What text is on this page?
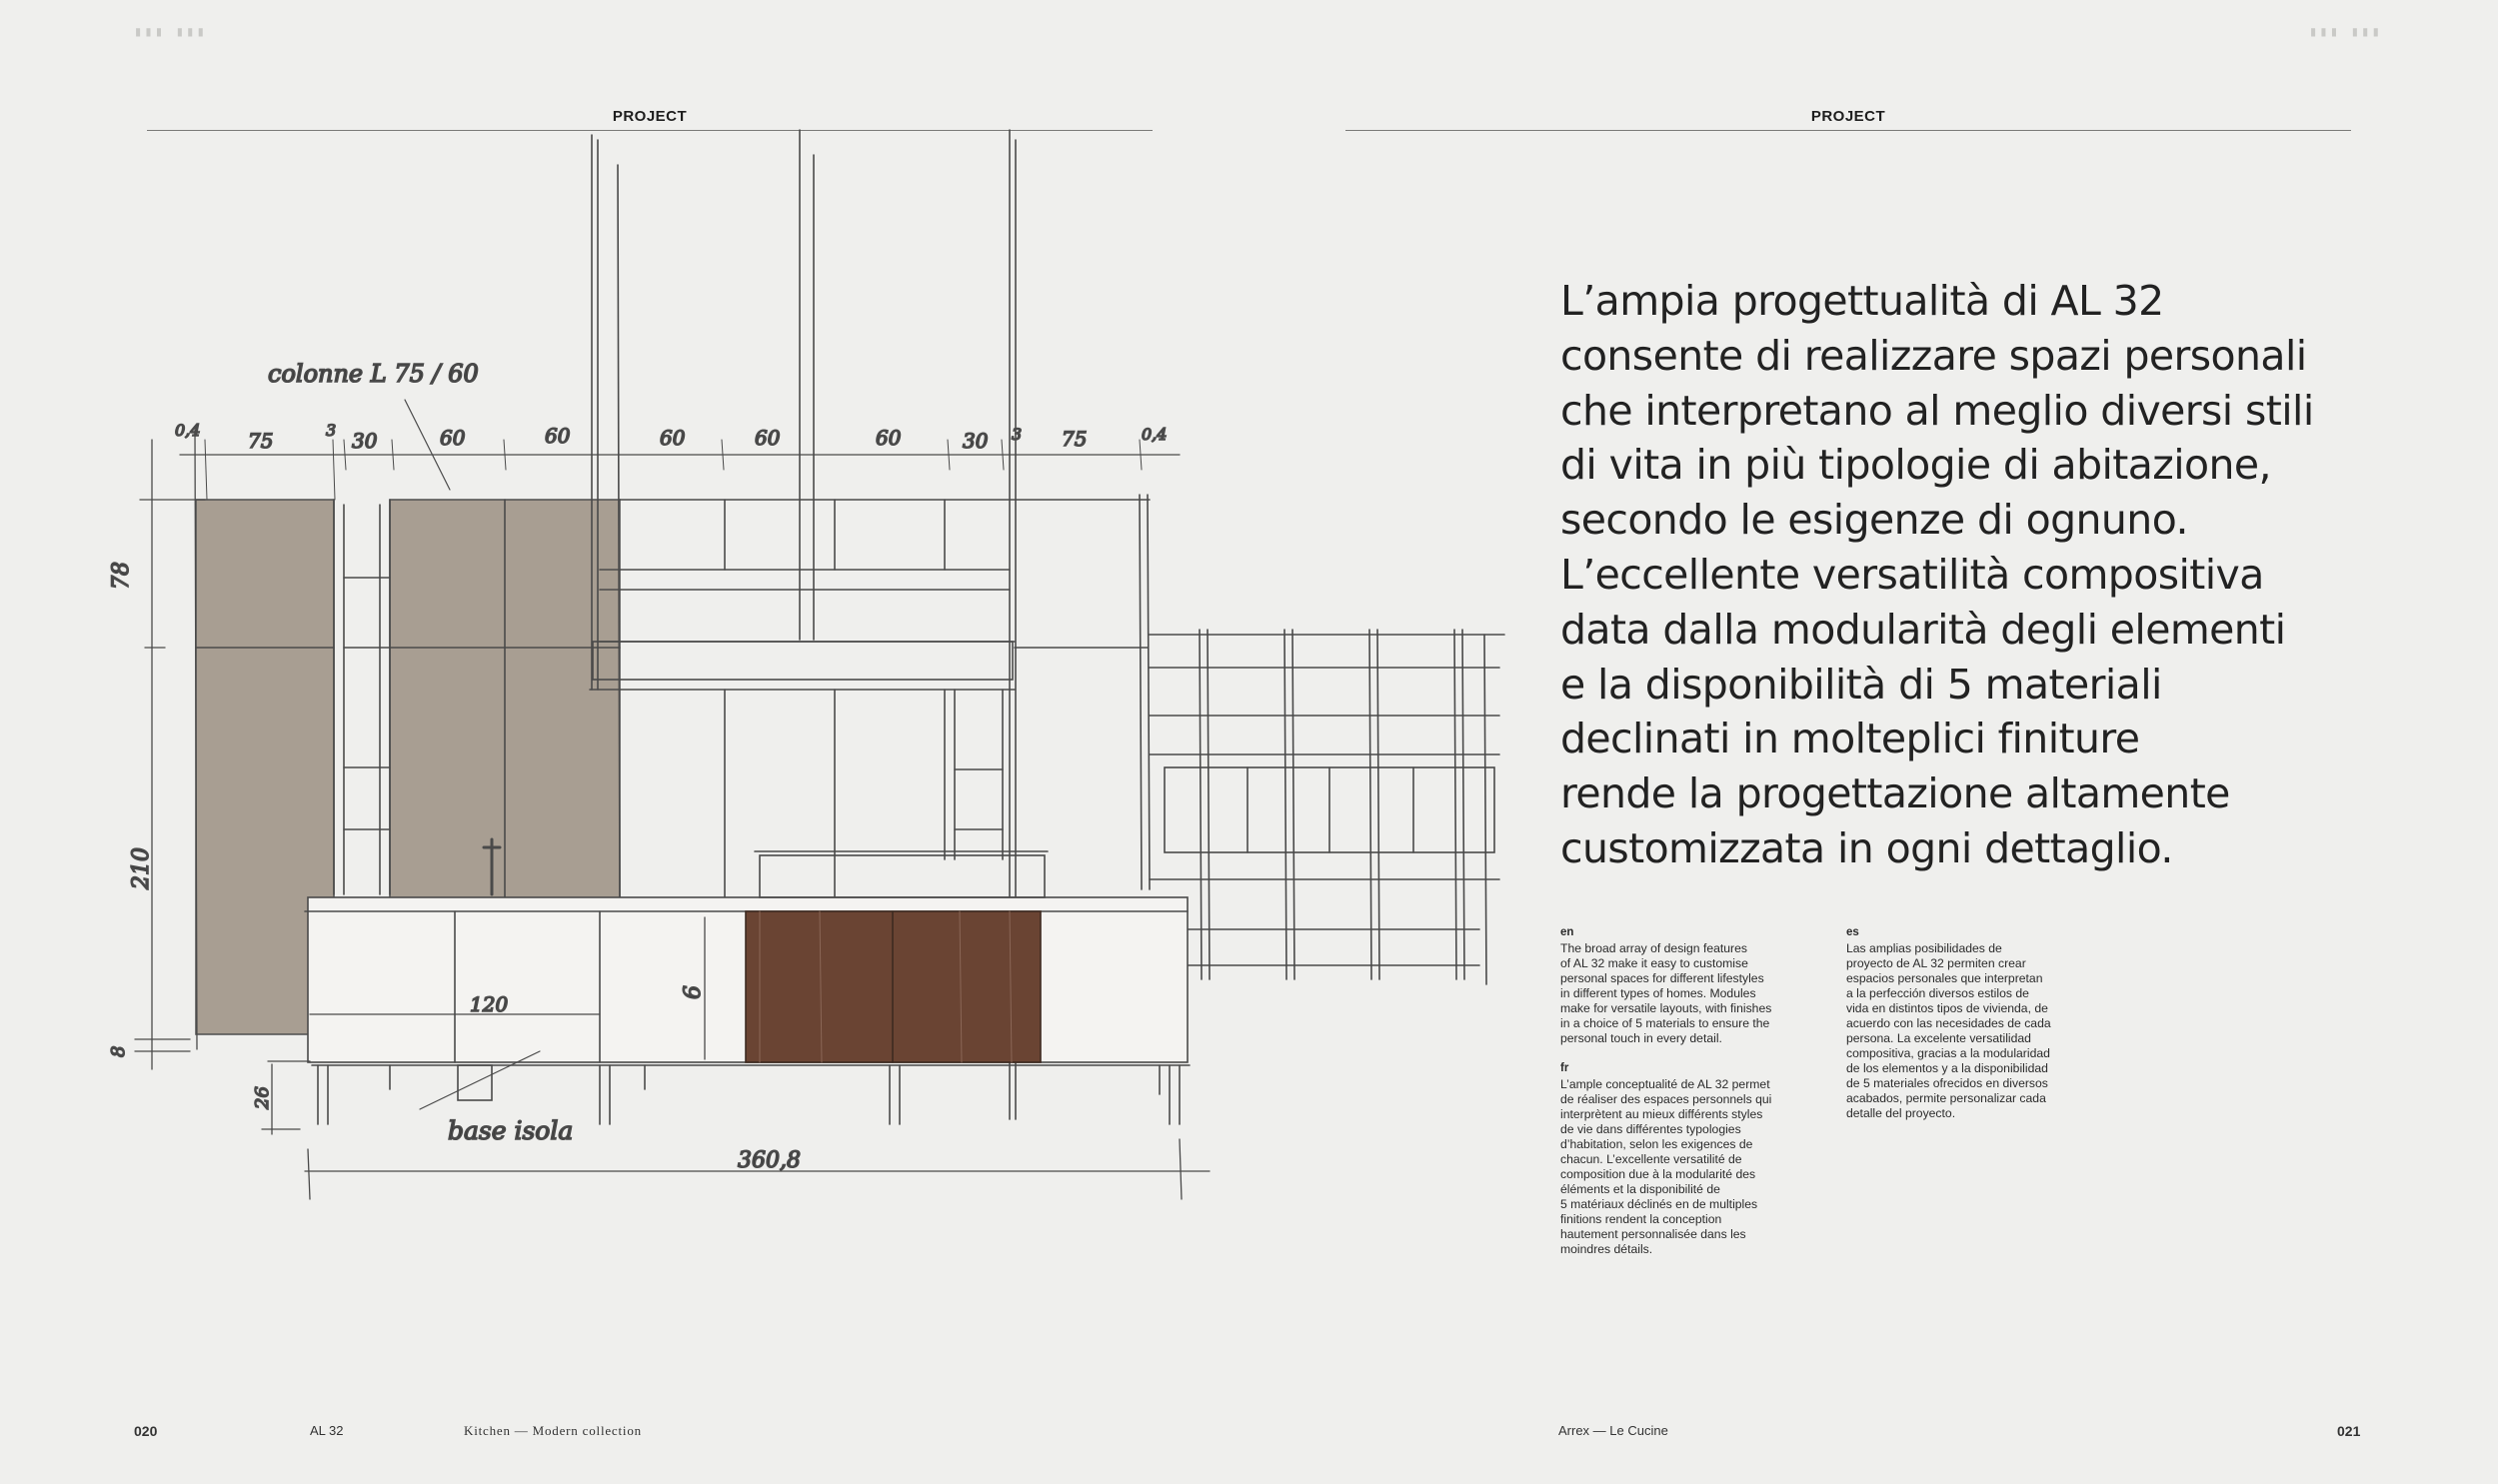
▮▮▮ ▮▮▮	▮▮▮ ▮▮▮
PROJECT	PROJECT
colonne L 75 / 60
base isola
0,4 75	3 30	60	60	60	60	60	30 3 75	0,4
78
210
8
120	6
26
360,8
L’ampia progettualità di AL 32
consente di realizzare spazi personali
che interpretano al meglio diversi stili
di vita in più tipologie di abitazione,
secondo le esigenze di ognuno.
L’eccellente versatilità compositiva
data dalla modularità degli elementi
e la disponibilità di 5 materiali
declinati in molteplici finiture
rende la progettazione altamente
customizzata in ogni dettaglio.
en
The broad array of design features
of AL 32 make it easy to customise
personal spaces for different lifestyles
in different types of homes. Modules
make for versatile layouts, with finishes
in a choice of 5 materials to ensure the
personal touch in every detail.
fr
L’ample conceptualité de AL 32 permet
de réaliser des espaces personnels qui
interprètent au mieux différents styles
de vie dans différentes typologies
d’habitation, selon les exigences de
chacun. L’excellente versatilité de
composition due à la modularité des
éléments et la disponibilité de
5 matériaux déclinés en de multiples
finitions rendent la conception
hautement personnalisée dans les
moindres détails.
es
Las amplias posibilidades de
proyecto de AL 32 permiten crear
espacios personales que interpretan
a la perfección diversos estilos de
vida en distintos tipos de vivienda, de
acuerdo con las necesidades de cada
persona. La excelente versatilidad
compositiva, gracias a la modularidad
de los elementos y a la disponibilidad
de 5 materiales ofrecidos en diversos
acabados, permite personalizar cada
detalle del proyecto.
020	AL 32	Kitchen — Modern collection	Arrex — Le Cucine	021
